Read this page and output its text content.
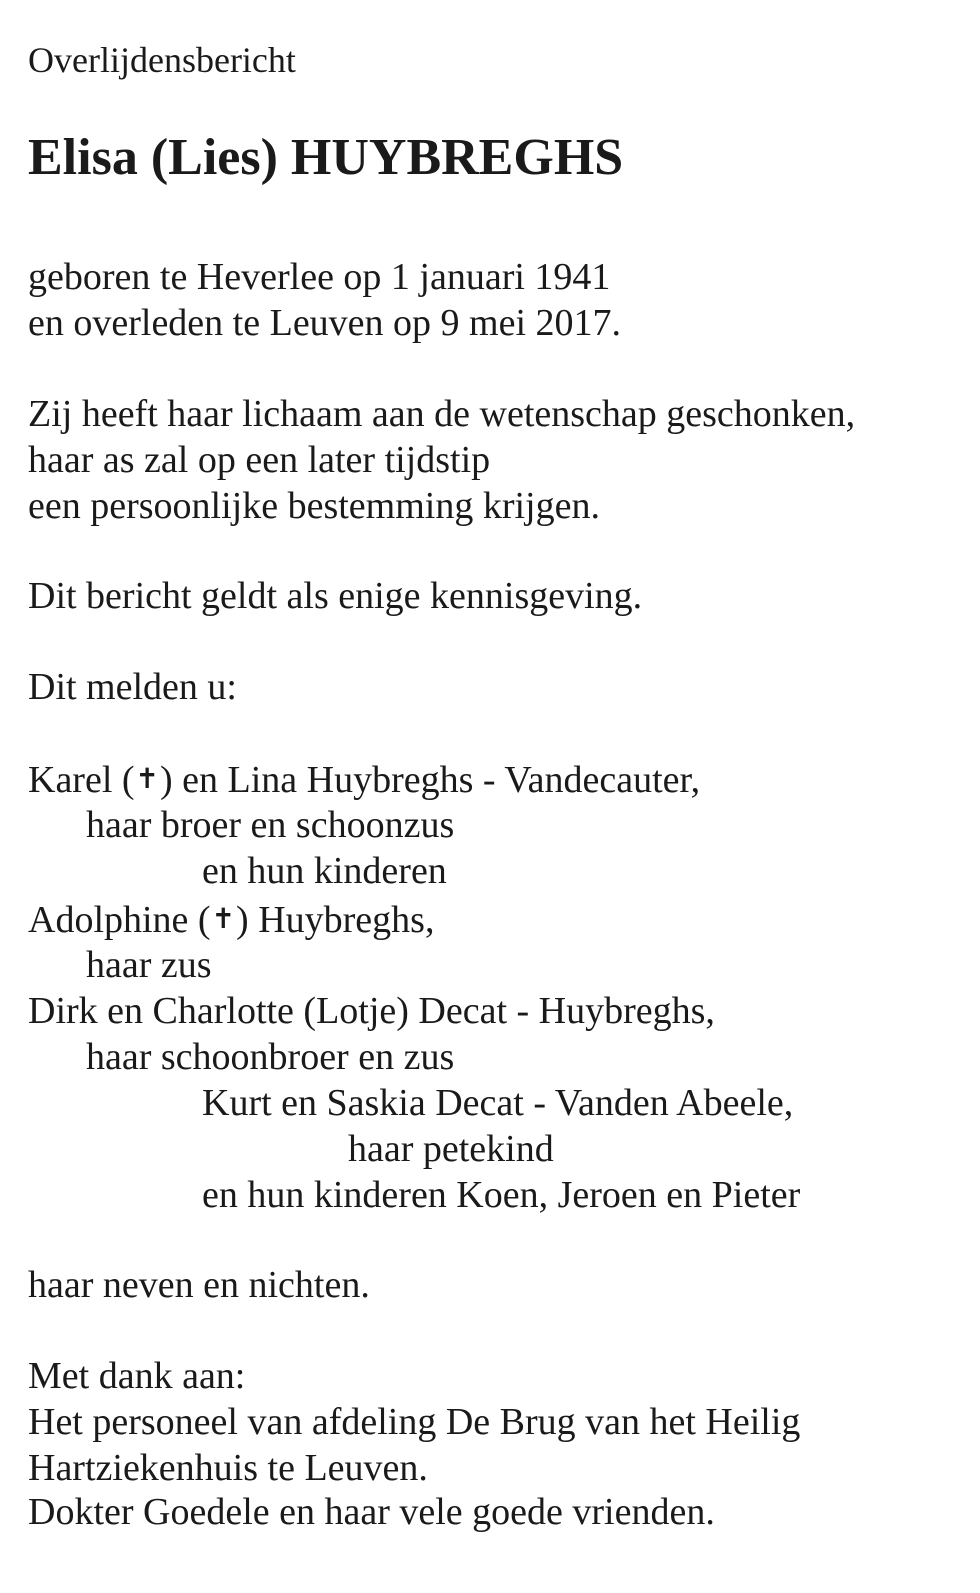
Overlijdensbericht
Elisa (Lies) HUYBREGHS
geboren te Heverlee op 1 januari 1941
en overleden te Leuven op 9 mei 2017.
Zij heeft haar lichaam aan de wetenschap geschonken,
haar as zal op een later tijdstip
een persoonlijke bestemming krijgen.
Dit bericht geldt als enige kennisgeving.
Dit melden u:
Karel (✝) en Lina Huybreghs - Vandecauter,
haar broer en schoonzus
en hun kinderen
Adolphine (✝) Huybreghs,
haar zus
Dirk en Charlotte (Lotje) Decat - Huybreghs,
haar schoonbroer en zus
Kurt en Saskia Decat - Vanden Abeele,
haar petekind
en hun kinderen Koen, Jeroen en Pieter
haar neven en nichten.
Met dank aan:
Het personeel van afdeling De Brug van het Heilig
Hartziekenhuis te Leuven.
Dokter Goedele en haar vele goede vrienden.
